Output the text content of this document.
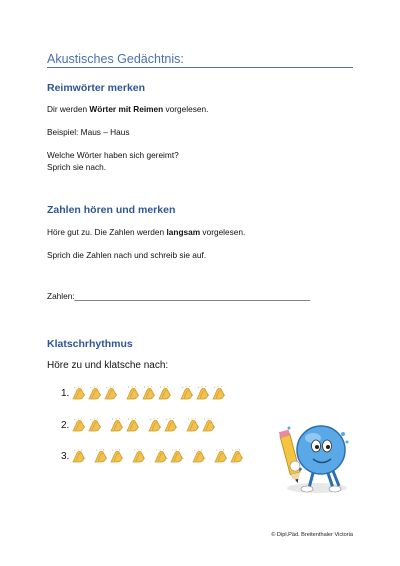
Akustisches Gedächtnis:
Reimwörter merken
Dir werden Wörter mit Reimen vorgelesen.
Beispiel: Maus – Haus
Welche Wörter haben sich gereimt?
Sprich sie nach.
Zahlen hören und merken
Höre gut zu. Die Zahlen werden langsam vorgelesen.
Sprich die Zahlen nach und schreib sie auf.
Zahlen:___________________________________________________
Klatschrhythmus
Höre zu und klatsche nach:
1.
2.
3.
© Dipl.Päd. Breitenthaler Victoria
